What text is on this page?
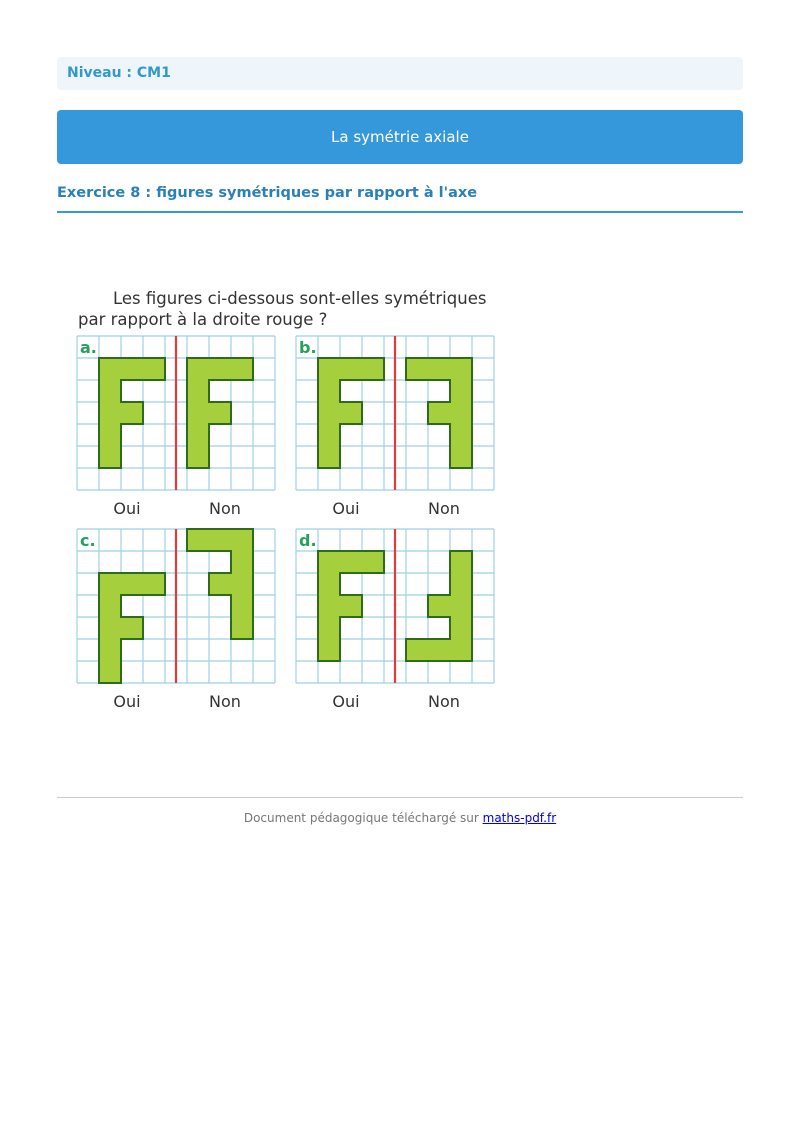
Niveau : CM1
La symétrie axiale
Exercice 8 : figures symétriques par rapport à l'axe
Les figures ci-dessous sont-elles symétriques
par rapport à la droite rouge ?
a.
Oui	Non
b.
Oui	Non
c.
Oui	Non
d.
Oui	Non
Document pédagogique téléchargé sur maths-pdf.fr
